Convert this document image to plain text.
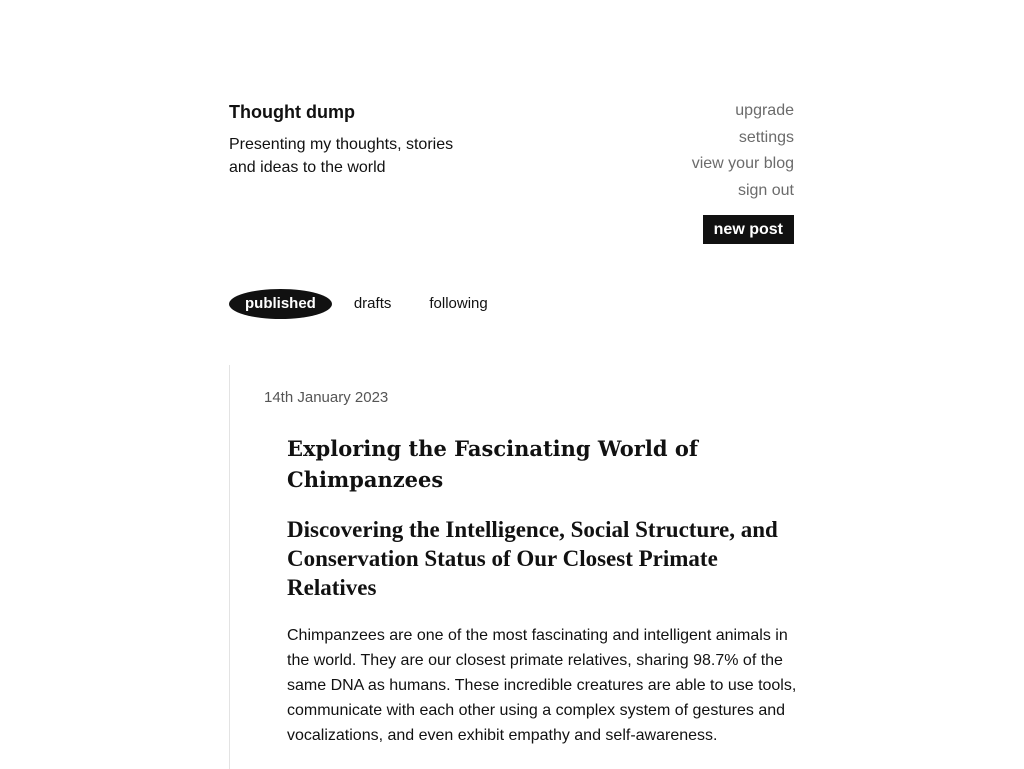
Thought dump
Presenting my thoughts, stories and ideas to the world
upgrade
settings
view your blog
sign out
new post
published	drafts	following
14th January 2023
Exploring the Fascinating World of Chimpanzees
Discovering the Intelligence, Social Structure, and Conservation Status of Our Closest Primate Relatives

Chimpanzees are one of the most fascinating and intelligent animals in the world. They are our closest primate relatives, sharing 98.7% of the same DNA as humans. These incredible creatures are able to use tools, communicate with each other using a complex system of gestures and vocalizations, and even exhibit empathy and self-awareness.
